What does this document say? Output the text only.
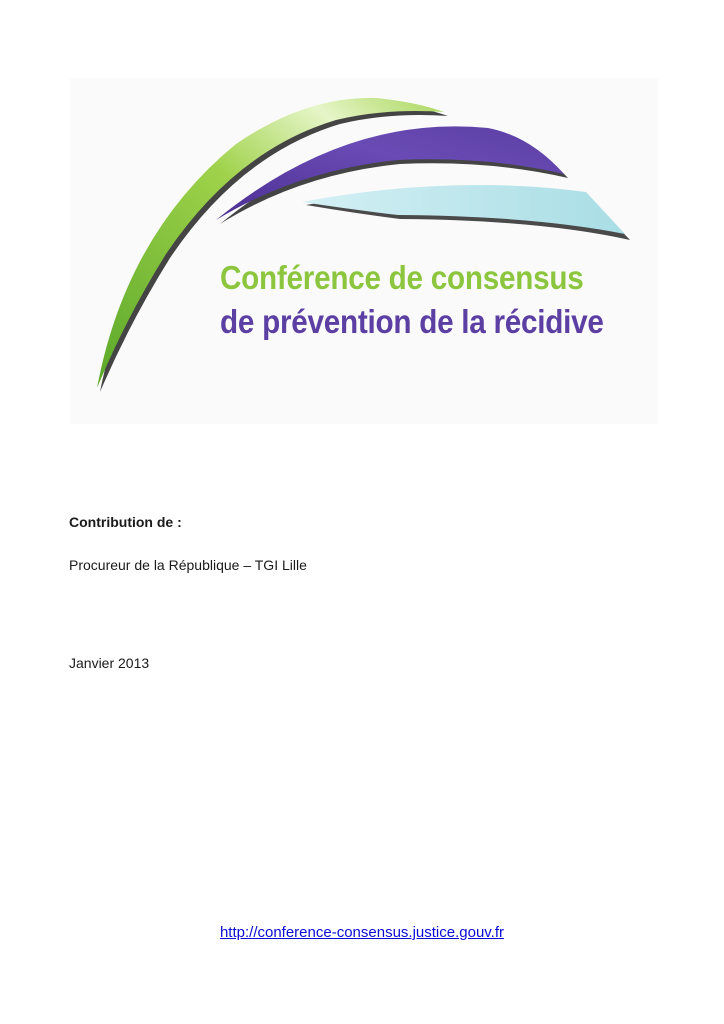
Conférence de consensus

de prévention de la récidive

Contribution de :

Procureur de la République – TGI Lille

Janvier 2013

http://conference-consensus.justice.gouv.fr
